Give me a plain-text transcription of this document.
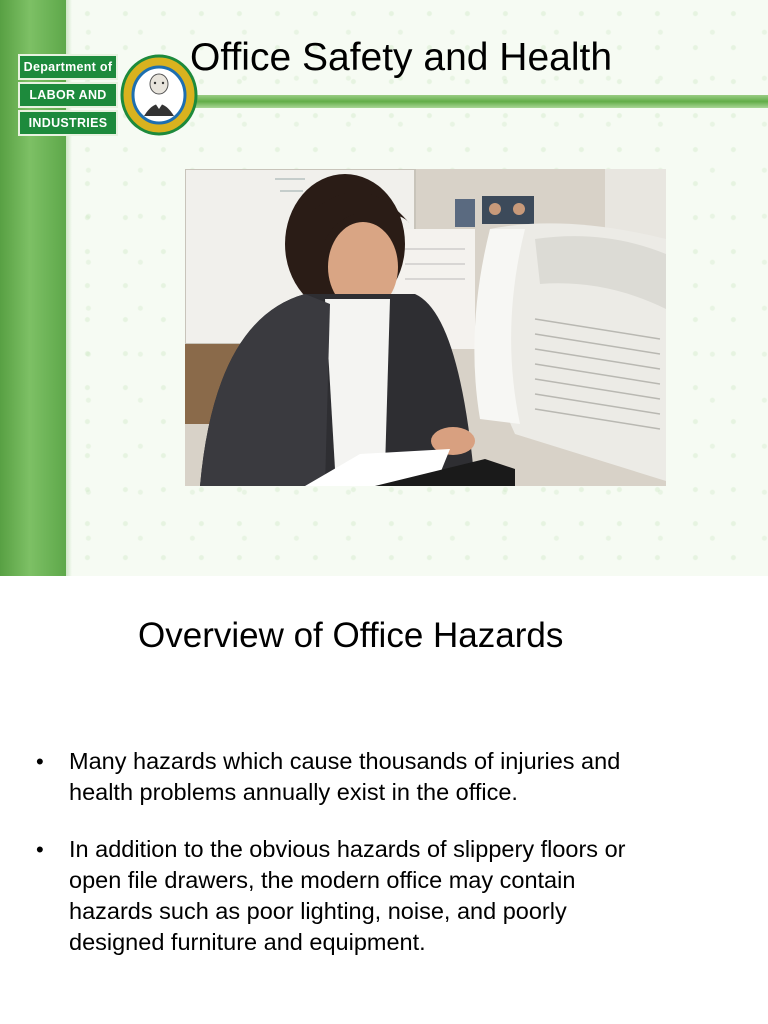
Office Safety and Health
Department of
LABOR AND
INDUSTRIES
Overview of Office Hazards
• Many hazards which cause thousands of injuries and
health problems annually exist in the office.
• In addition to the obvious hazards of slippery floors or
open file drawers, the modern office may contain
hazards such as poor lighting, noise, and poorly
designed furniture and equipment.
